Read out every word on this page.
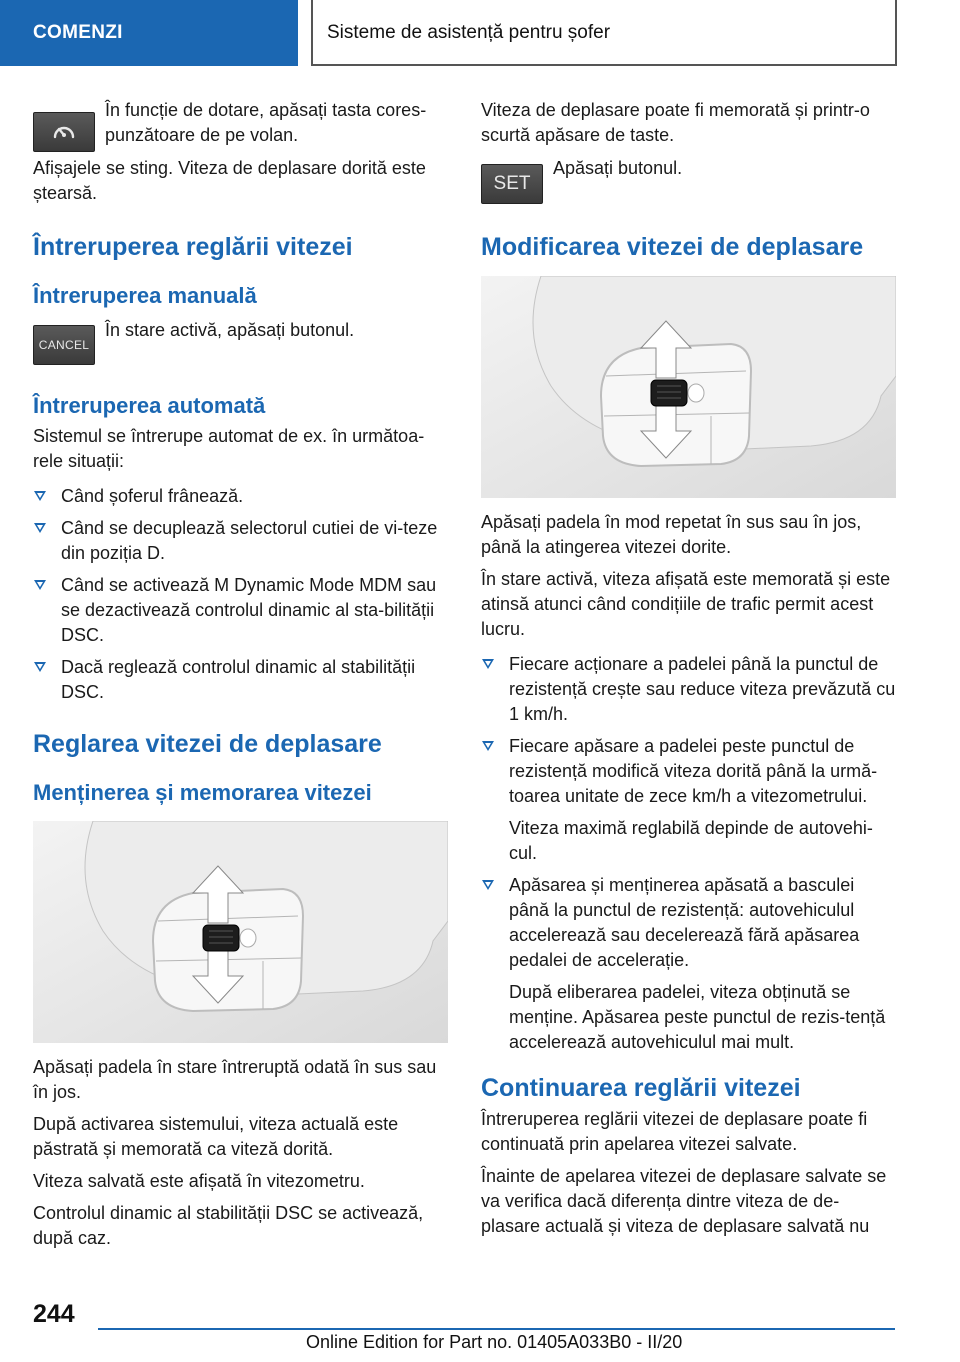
COMENZI	Sisteme de asistență pentru șofer

În funcție de dotare, apăsați tasta cores-punzătoare de pe volan.

Afișajele se sting. Viteza de deplasare dorită este ștearsă.

Întreruperea reglării vitezei
Întreruperea manuală
CANCEL

În stare activă, apăsați butonul.

Întreruperea automată

Sistemul se întrerupe automat de ex. în următoa-rele situații:

Când șoferul frânează.
Când se decuplează selectorul cutiei de vi-teze din poziția D.
Când se activează M Dynamic Mode MDM sau se dezactivează controlul dinamic al sta-bilității DSC.
Dacă reglează controlul dinamic al stabilității DSC.
Reglarea vitezei de deplasare
Menținerea și memorarea vitezei

Apăsați padela în stare întreruptă odată în sus sau în jos.

După activarea sistemului, viteza actuală este păstrată și memorată ca viteză dorită.

Viteza salvată este afișată în vitezometru.

Controlul dinamic al stabilității DSC se activează, după caz.

Viteza de deplasare poate fi memorată și printr-o scurtă apăsare de taste.

SET

Apăsați butonul.

Modificarea vitezei de deplasare

Apăsați padela în mod repetat în sus sau în jos, până la atingerea vitezei dorite.

În stare activă, viteza afișată este memorată și este atinsă atunci când condițiile de trafic permit acest lucru.

Fiecare acționare a padelei până la punctul de rezistență crește sau reduce viteza prevăzută cu 1 km/h.
Fiecare apăsare a padelei peste punctul de rezistență modifică viteza dorită până la urmă-toarea unitate de zece km/h a vitezometrului.

Viteza maximă reglabilă depinde de autovehi-cul.

Apăsarea și menținerea apăsată a basculei până la punctul de rezistență: autovehiculul accelerează sau decelerează fără apăsarea pedalei de accelerație.

După eliberarea padelei, viteza obținută se menține. Apăsarea peste punctul de rezis-tență accelerează autovehiculul mai mult.

Continuarea reglării vitezei

Întreruperea reglării vitezei de deplasare poate fi continuată prin apelarea vitezei salvate.

Înainte de apelarea vitezei de deplasare salvate se va verifica dacă diferența dintre viteza de de-plasare actuală și viteza de deplasare salvată nu

244
Online Edition for Part no. 01405A033B0 - II/20
